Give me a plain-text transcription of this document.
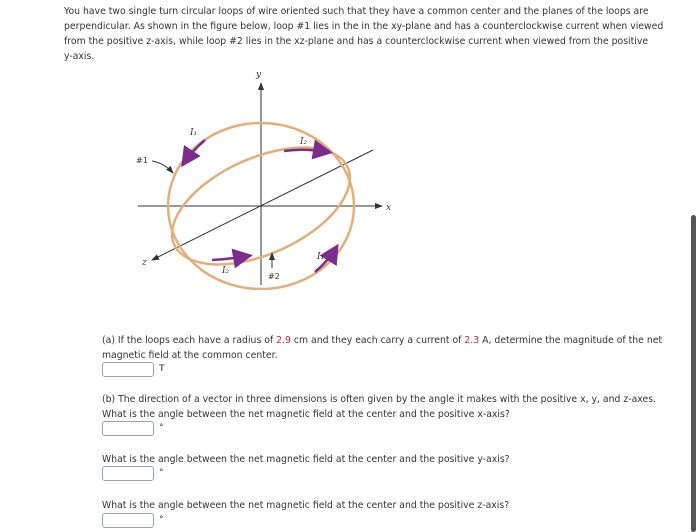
You have two single turn circular loops of wire oriented such that they have a common center and the planes of the loops are
perpendicular. As shown in the figure below, loop #1 lies in the in the xy-plane and has a counterclockwise current when viewed
from the positive z-axis, while loop #2 lies in the xz-plane and has a counterclockwise current when viewed from the positive
y-axis.
y
x
z
#1
#2
I₁
I₁
I₂
I₂
(a) If the loops each have a radius of 2.9 cm and they each carry a current of 2.3 A, determine the magnitude of the net
magnetic field at the common center.
T
(b) The direction of a vector in three dimensions is often given by the angle it makes with the positive x, y, and z-axes.
What is the angle between the net magnetic field at the center and the positive x-axis?
°
What is the angle between the net magnetic field at the center and the positive y-axis?
°
What is the angle between the net magnetic field at the center and the positive z-axis?
°
